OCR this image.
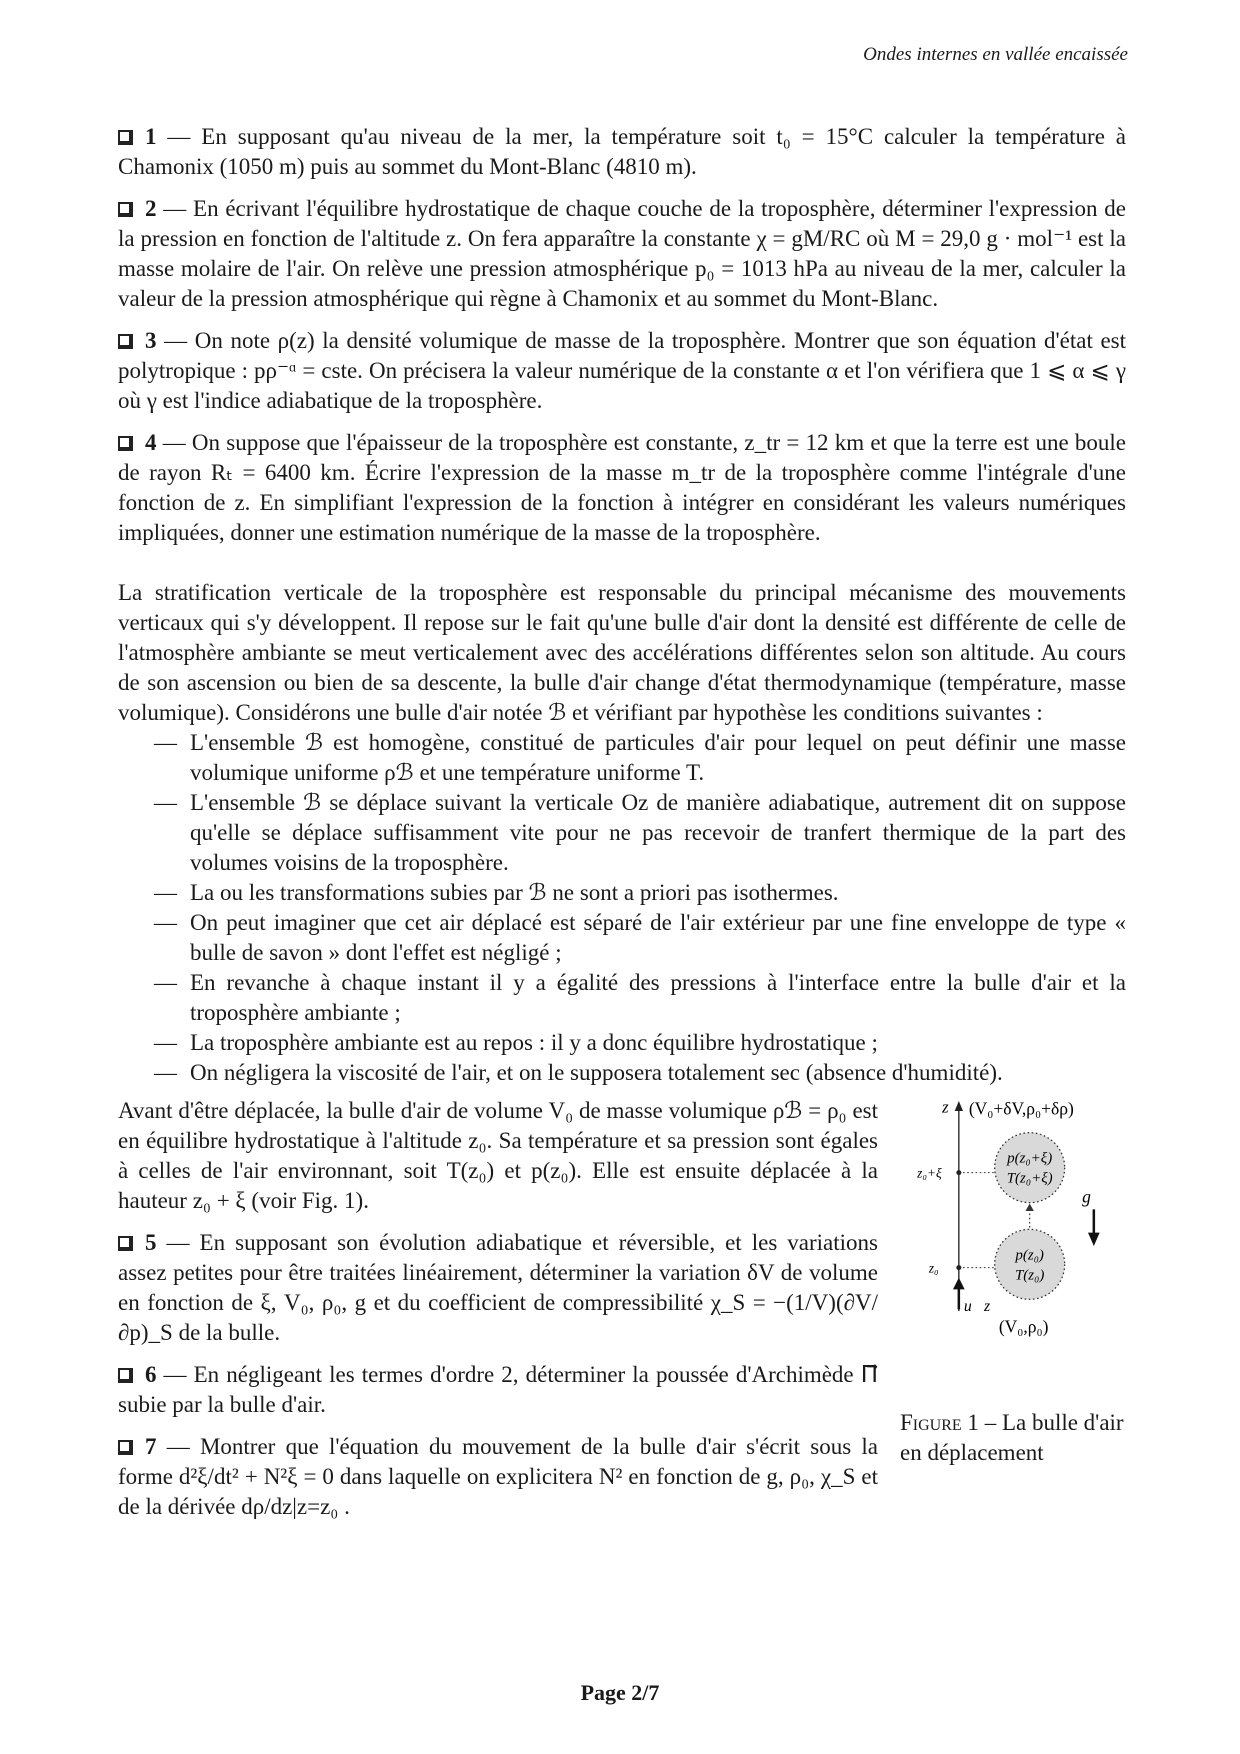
Ondes internes en vallée encaissée

1 — En supposant qu'au niveau de la mer, la température soit t₀ = 15°C calculer la température à Chamonix (1050 m) puis au sommet du Mont-Blanc (4810 m).

2 — En écrivant l'équilibre hydrostatique de chaque couche de la troposphère, déterminer l'expression de la pression en fonction de l'altitude z. On fera apparaître la constante χ = gM/RC où M = 29,0 g · mol⁻¹ est la masse molaire de l'air. On relève une pression atmosphérique p₀ = 1013 hPa au niveau de la mer, calculer la valeur de la pression atmosphérique qui règne à Chamonix et au sommet du Mont-Blanc.

3 — On note ρ(z) la densité volumique de masse de la troposphère. Montrer que son équation d'état est polytropique : pρ⁻ᵅ = cste. On précisera la valeur numérique de la constante α et l'on vérifiera que 1 ⩽ α ⩽ γ où γ est l'indice adiabatique de la troposphère.

4 — On suppose que l'épaisseur de la troposphère est constante, z_tr = 12 km et que la terre est une boule de rayon Rₜ = 6400 km. Écrire l'expression de la masse m_tr de la troposphère comme l'intégrale d'une fonction de z. En simplifiant l'expression de la fonction à intégrer en considérant les valeurs numériques impliquées, donner une estimation numérique de la masse de la troposphère.

La stratification verticale de la troposphère est responsable du principal mécanisme des mouvements verticaux qui s'y développent. Il repose sur le fait qu'une bulle d'air dont la densité est différente de celle de l'atmosphère ambiante se meut verticalement avec des accélérations différentes selon son altitude. Au cours de son ascension ou bien de sa descente, la bulle d'air change d'état thermodynamique (température, masse volumique). Considérons une bulle d'air notée ℬ et vérifiant par hypothèse les conditions suivantes :

— L'ensemble ℬ est homogène, constitué de particules d'air pour lequel on peut définir une masse volumique uniforme ρℬ et une température uniforme T.
— L'ensemble ℬ se déplace suivant la verticale Oz de manière adiabatique, autrement dit on suppose qu'elle se déplace suffisamment vite pour ne pas recevoir de tranfert thermique de la part des volumes voisins de la troposphère.
— La ou les transformations subies par ℬ ne sont a priori pas isothermes.
— On peut imaginer que cet air déplacé est séparé de l'air extérieur par une fine enveloppe de type « bulle de savon » dont l'effet est négligé ;
— En revanche à chaque instant il y a égalité des pressions à l'interface entre la bulle d'air et la troposphère ambiante ;
— La troposphère ambiante est au repos : il y a donc équilibre hydrostatique ;
— On négligera la viscosité de l'air, et on le supposera totalement sec (absence d'humidité).

Avant d'être déplacée, la bulle d'air de volume V₀ de masse volumique ρℬ = ρ₀ est en équilibre hydrostatique à l'altitude z₀. Sa température et sa pression sont égales à celles de l'air environnant, soit T(z₀) et p(z₀). Elle est ensuite déplacée à la hauteur z₀ + ξ (voir Fig. 1).

5 — En supposant son évolution adiabatique et réversible, et les variations assez petites pour être traitées linéairement, déterminer la variation δV de volume en fonction de ξ, V₀, ρ₀, g et du coefficient de compressibilité χ_S = −(1/V)(∂V/∂p)_S de la bulle.

6 — En négligeant les termes d'ordre 2, déterminer la poussée d'Archimède Π⃗ subie par la bulle d'air.

7 — Montrer que l'équation du mouvement de la bulle d'air s'écrit sous la forme d²ξ/dt² + N²ξ = 0 dans laquelle on explicitera N² en fonction de g, ρ₀, χ_S et de la dérivée dρ/dz|z=z₀ .

z (V₀+δV,ρ₀+δρ)
p(z₀+ξ)
T(z₀+ξ)
z₀+ξ
p(z₀)
T(z₀)
z₀
u⃗z
(V₀,ρ₀)
g⃗
Figure 1 – La bulle d'air en déplacement
Page 2/7
